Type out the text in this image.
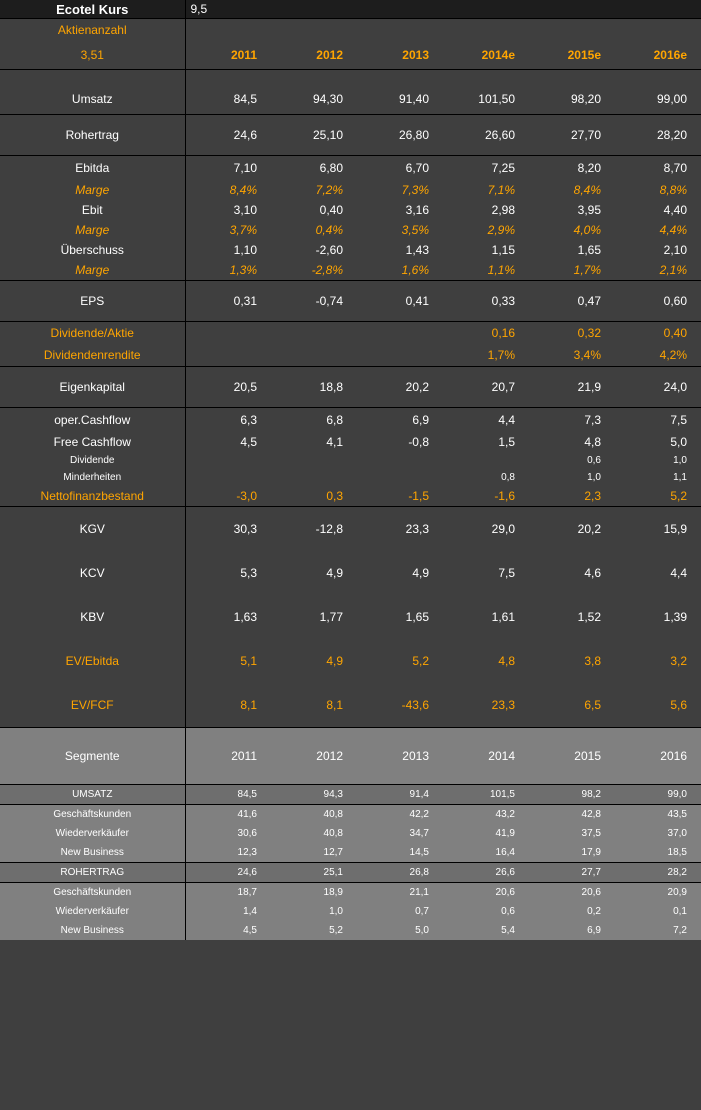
Ecotel Kurs	9,5					
Aktienanzahl						
3,51	2011	2012	2013	2014e	2015e	2016e

Umsatz	84,5	94,30	91,40	101,50	98,20	99,00
Rohertrag	24,6	25,10	26,80	26,60	27,70	28,20
Ebitda	7,10	6,80	6,70	7,25	8,20	8,70
Marge	8,4%	7,2%	7,3%	7,1%	8,4%	8,8%
Ebit	3,10	0,40	3,16	2,98	3,95	4,40
Marge	3,7%	0,4%	3,5%	2,9%	4,0%	4,4%
Überschuss	1,10	-2,60	1,43	1,15	1,65	2,10
Marge	1,3%	-2,8%	1,6%	1,1%	1,7%	2,1%
EPS	0,31	-0,74	0,41	0,33	0,47	0,60
Dividende/Aktie				0,16	0,32	0,40
Dividendenrendite				1,7%	3,4%	4,2%
Eigenkapital	20,5	18,8	20,2	20,7	21,9	24,0
oper.Cashflow	6,3	6,8	6,9	4,4	7,3	7,5
Free Cashflow	4,5	4,1	-0,8	1,5	4,8	5,0
Dividende					0,6	1,0
Minderheiten				0,8	1,0	1,1
Nettofinanzbestand	-3,0	0,3	-1,5	-1,6	2,3	5,2
KGV	30,3	-12,8	23,3	29,0	20,2	15,9
KCV	5,3	4,9	4,9	7,5	4,6	4,4
KBV	1,63	1,77	1,65	1,61	1,52	1,39
EV/Ebitda	5,1	4,9	5,2	4,8	3,8	3,2
EV/FCF	8,1	8,1	-43,6	23,3	6,5	5,6
Segmente	2011	2012	2013	2014	2015	2016
UMSATZ	84,5	94,3	91,4	101,5	98,2	99,0
Geschäftskunden	41,6	40,8	42,2	43,2	42,8	43,5
Wiederverkäufer	30,6	40,8	34,7	41,9	37,5	37,0
New Business	12,3	12,7	14,5	16,4	17,9	18,5
ROHERTRAG	24,6	25,1	26,8	26,6	27,7	28,2
Geschäftskunden	18,7	18,9	21,1	20,6	20,6	20,9
Wiederverkäufer	1,4	1,0	0,7	0,6	0,2	0,1
New Business	4,5	5,2	5,0	5,4	6,9	7,2
